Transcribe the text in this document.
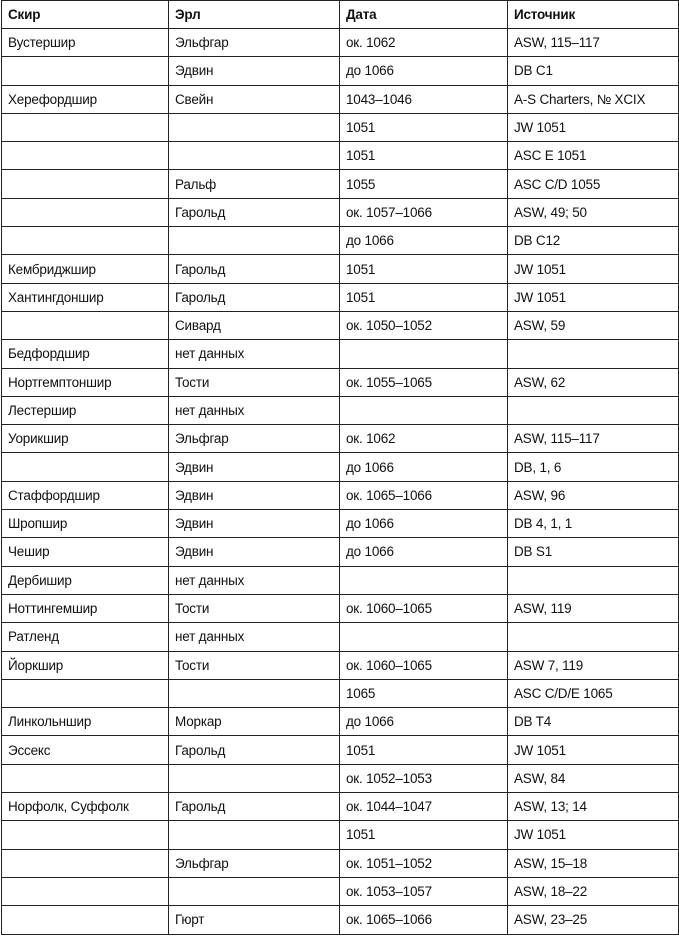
Скир	Эрл	Дата	Источник
Вустершир	Эльфгар	ок. 1062	ASW, 115–117
	Эдвин	до 1066	DB C1
Херефордшир	Свейн	1043–1046	A-S Charters, № XCIX
		1051	JW 1051
		1051	ASC E 1051
	Ральф	1055	ASC C/D 1055
	Гарольд	ок. 1057–1066	ASW, 49; 50
		до 1066	DB C12
Кембриджшир	Гарольд	1051	JW 1051
Хантингдоншир	Гарольд	1051	JW 1051
	Сивард	ок. 1050–1052	ASW, 59
Бедфордшир	нет данных		
Нортгемптоншир	Тости	ок. 1055–1065	ASW, 62
Лестершир	нет данных		
Уорикшир	Эльфгар	ок. 1062	ASW, 115–117
	Эдвин	до 1066	DB, 1, 6
Стаффордшир	Эдвин	ок. 1065–1066	ASW, 96
Шропшир	Эдвин	до 1066	DB 4, 1, 1
Чешир	Эдвин	до 1066	DB S1
Дербишир	нет данных		
Ноттингемшир	Тости	ок. 1060–1065	ASW, 119
Ратленд	нет данных		
Йоркшир	Тости	ок. 1060–1065	ASW 7, 119
		1065	ASC C/D/E 1065
Линкольншир	Моркар	до 1066	DB T4
Эссекс	Гарольд	1051	JW 1051
		ок. 1052–1053	ASW, 84
Норфолк, Суффолк	Гарольд	ок. 1044–1047	ASW, 13; 14
		1051	JW 1051
	Эльфгар	ок. 1051–1052	ASW, 15–18
		ок. 1053–1057	ASW, 18–22
	Гюрт	ок. 1065–1066	ASW, 23–25
